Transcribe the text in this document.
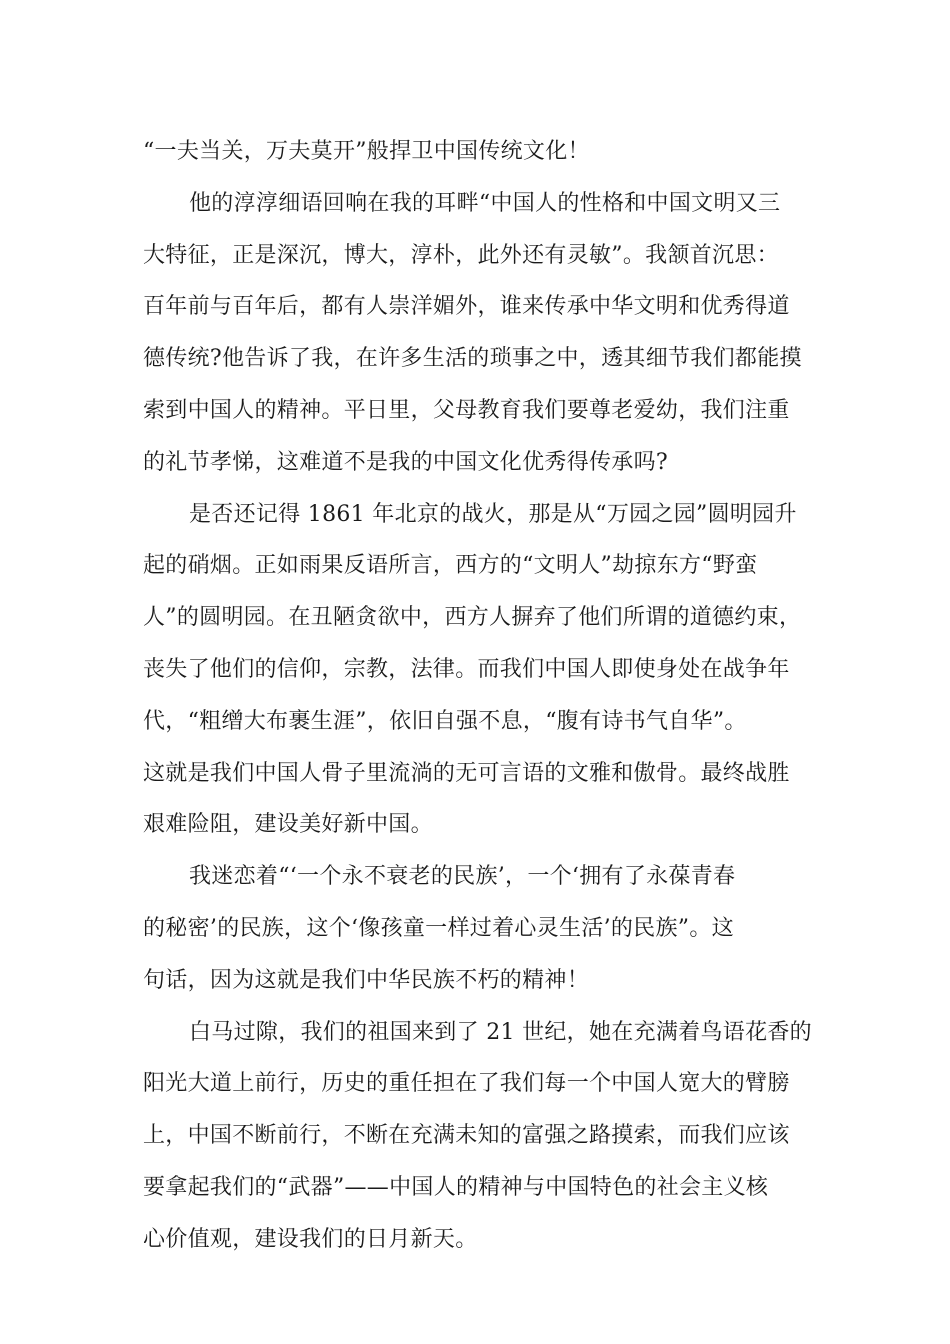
“一夫当关，万夫莫开”般捍卫中国传统文化！
他的淳淳细语回响在我的耳畔“中国人的性格和中国文明又三
大特征，正是深沉，博大，淳朴，此外还有灵敏”。我颔首沉思：
百年前与百年后，都有人崇洋媚外，谁来传承中华文明和优秀得道
德传统?他告诉了我，在许多生活的琐事之中，透其细节我们都能摸
索到中国人的精神。平日里，父母教育我们要尊老爱幼，我们注重
的礼节孝悌，这难道不是我的中国文化优秀得传承吗?
是否还记得 1861 年北京的战火，那是从“万园之园”圆明园升
起的硝烟。正如雨果反语所言，西方的“文明人”劫掠东方“野蛮
人”的圆明园。在丑陋贪欲中，西方人摒弃了他们所谓的道德约束，
丧失了他们的信仰，宗教，法律。而我们中国人即使身处在战争年
代，“粗缯大布裹生涯”，依旧自强不息，“腹有诗书气自华”。
这就是我们中国人骨子里流淌的无可言语的文雅和傲骨。最终战胜
艰难险阻，建设美好新中国。
我迷恋着“‘一个永不衰老的民族’，一个‘拥有了永葆青春
的秘密’的民族，这个‘像孩童一样过着心灵生活’的民族”。这
句话，因为这就是我们中华民族不朽的精神！
白马过隙，我们的祖国来到了 21 世纪，她在充满着鸟语花香的
阳光大道上前行，历史的重任担在了我们每一个中国人宽大的臂膀
上，中国不断前行，不断在充满未知的富强之路摸索，而我们应该
要拿起我们的“武器”——中国人的精神与中国特色的社会主义核
心价值观，建设我们的日月新天。
